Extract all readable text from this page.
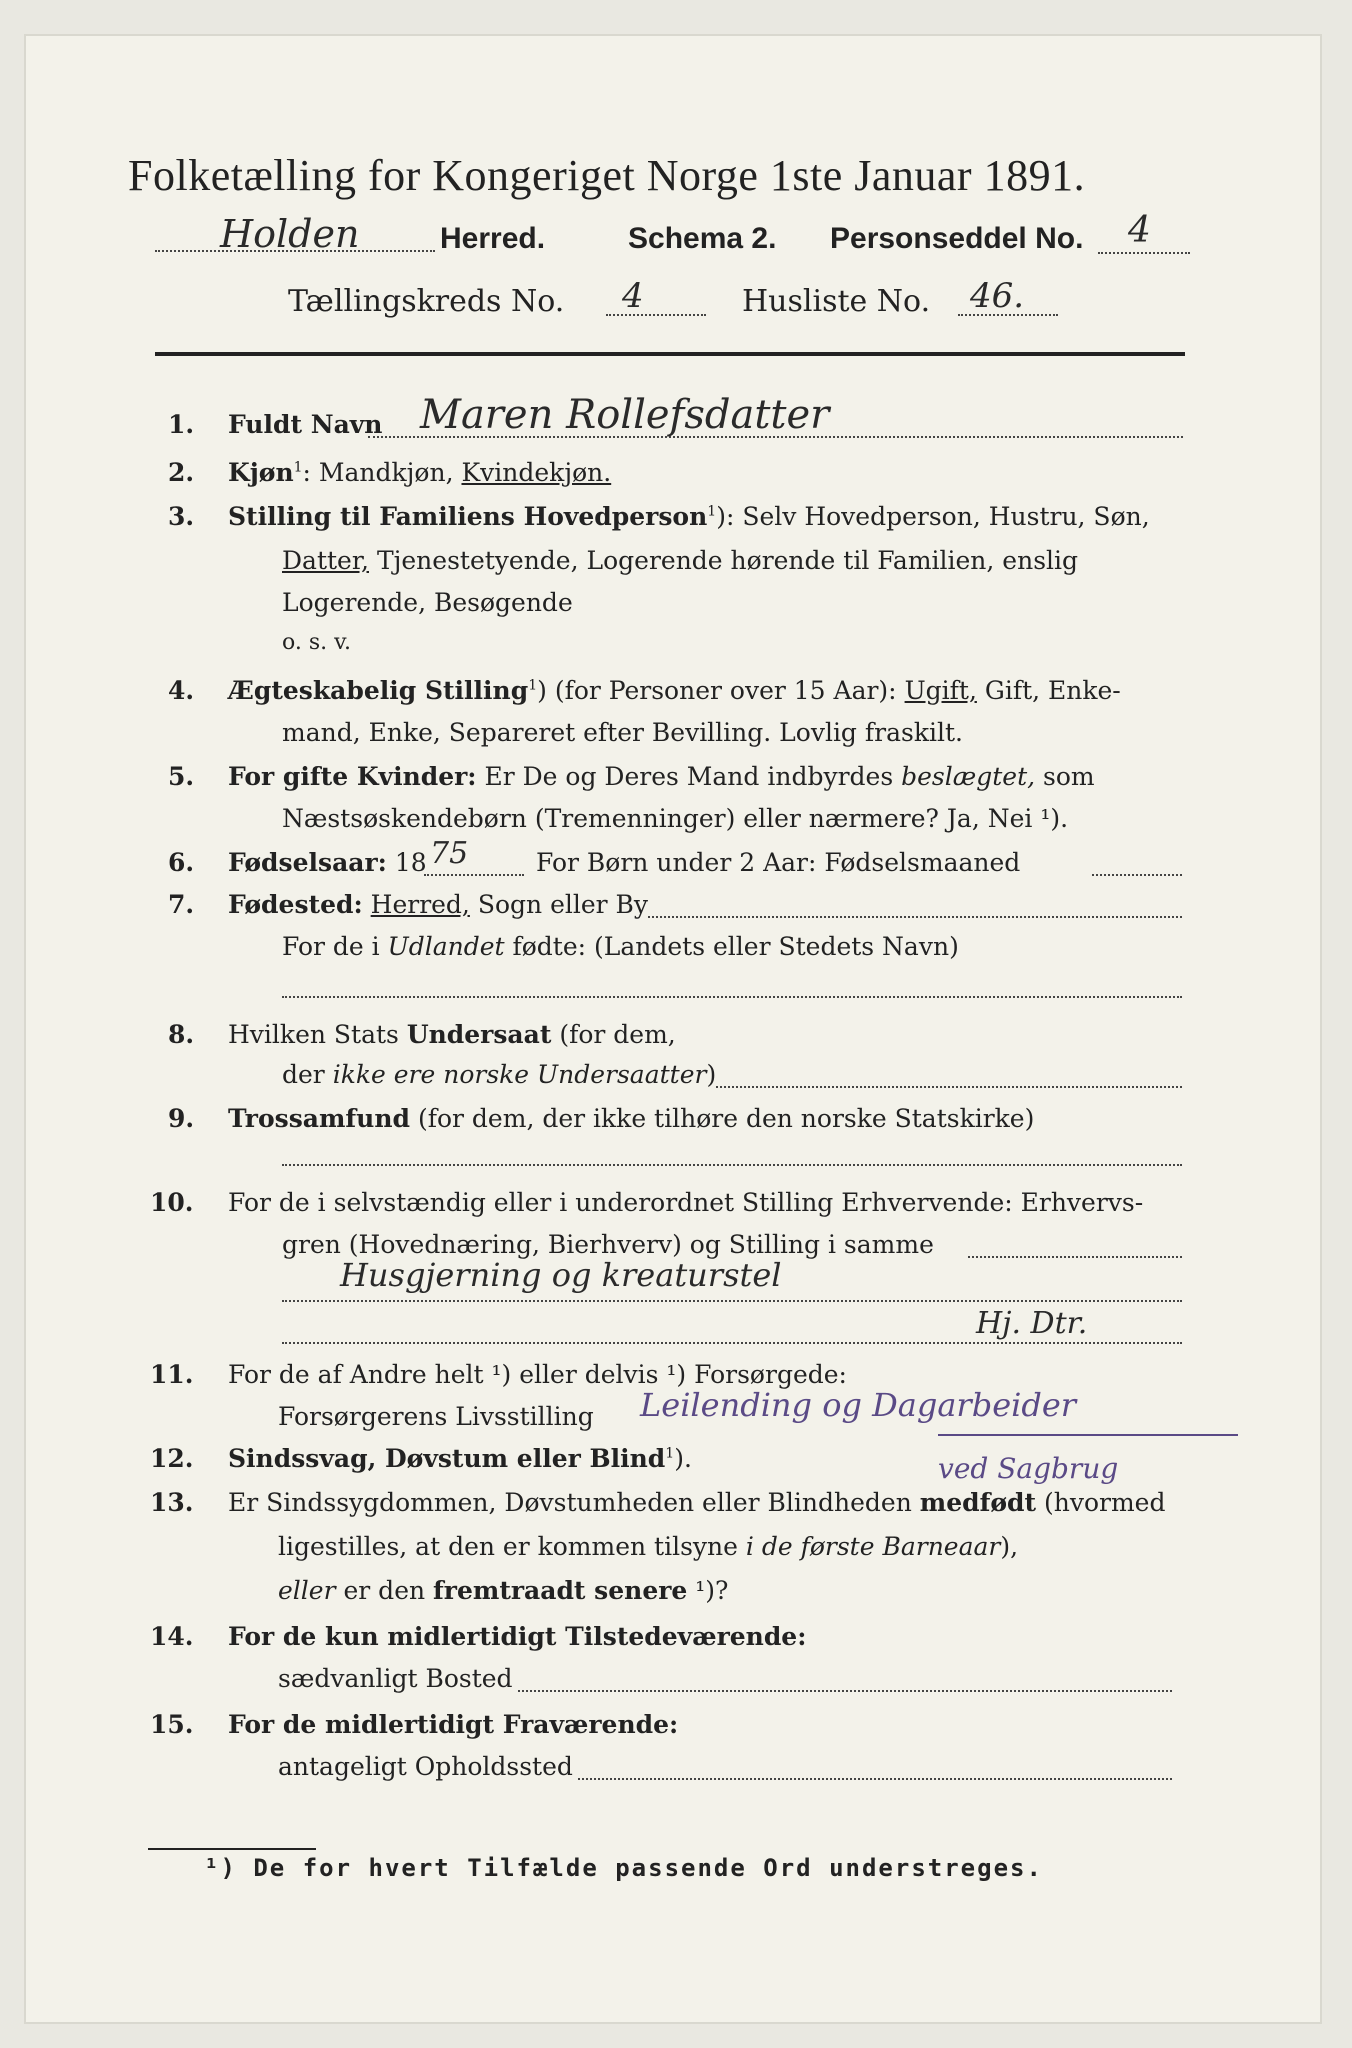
Folketælling for Kongeriget Norge 1ste Januar 1891.
Holden	Herred.	Schema 2. Personseddel No. 4
Tællingskreds No. 4	Husliste No. 46.
1. Fuldt Navn Maren Rollefsdatter
2. Kjøn$^1$: Mandkjøn, Kvindekjøn.
3. Stilling til Familiens Hovedperson$^1$): Selv Hovedperson, Hustru, Søn,
Datter, Tjenestetyende, Logerende hørende til Familien, enslig
Logerende, Besøgende
o. s. v.
4. Ægteskabelig Stilling$^1$) (for Personer over 15 Aar): Ugift, Gift, Enke-
mand, Enke, Separeret efter Bevilling. Lovlig fraskilt.
5. For gifte Kvinder: Er De og Deres Mand indbyrdes beslægtet, som
Næstsøskendebørn (Tremenninger) eller nærmere? Ja, Nei ¹).
6. Fødselsaar: 18 75	For Børn under 2 Aar: Fødselsmaaned
7. Fødested: Herred, Sogn eller By
For de i Udlandet fødte: (Landets eller Stedets Navn)
8. Hvilken Stats Undersaat (for dem,
der ikke ere norske Undersaatter)
9. Trossamfund (for dem, der ikke tilhøre den norske Statskirke)
10. For de i selvstændig eller i underordnet Stilling Erhvervende: Erhvervs-
gren (Hovednæring, Bierhverv) og Stilling i samme
Husgjerning og kreaturstel
Hj. Dtr.
11. For de af Andre helt ¹) eller delvis ¹) Forsørgede:
Forsørgerens Livsstilling Leilending og Dagarbeider
ved Sagbrug
12. Sindssvag, Døvstum eller Blind$^1$).
13. Er Sindssygdommen, Døvstumheden eller Blindheden medfødt (hvormed
ligestilles, at den er kommen tilsyne i de første Barneaar),
eller er den fremtraadt senere ¹)?
14. For de kun midlertidigt Tilstedeværende:
sædvanligt Bosted
15. For de midlertidigt Fraværende:
antageligt Opholdssted
¹) De for hvert Tilfælde passende Ord understreges.
